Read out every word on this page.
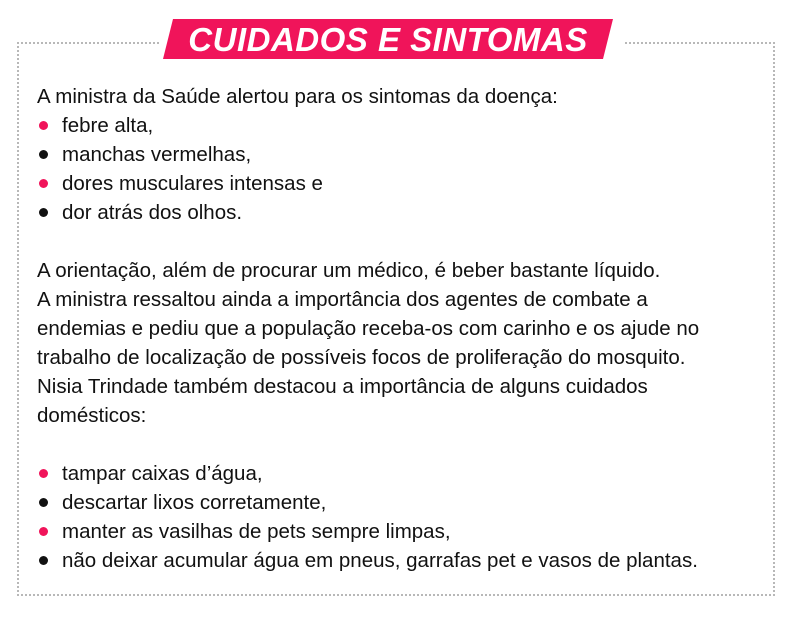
CUIDADOS E SINTOMAS

A ministra da Saúde alertou para os sintomas da doença:

febre alta,
manchas vermelhas,
dores musculares intensas e
dor atrás dos olhos.

A orientação, além de procurar um médico, é beber bastante líquido.

A ministra ressaltou ainda a importância dos agentes de combate a

endemias e pediu que a população receba-os com carinho e os ajude no

trabalho de localização de possíveis focos de proliferação do mosquito.

Nisia Trindade também destacou a importância de alguns cuidados

domésticos:

tampar caixas d’água,
descartar lixos corretamente,
manter as vasilhas de pets sempre limpas,
não deixar acumular água em pneus, garrafas pet e vasos de plantas.
